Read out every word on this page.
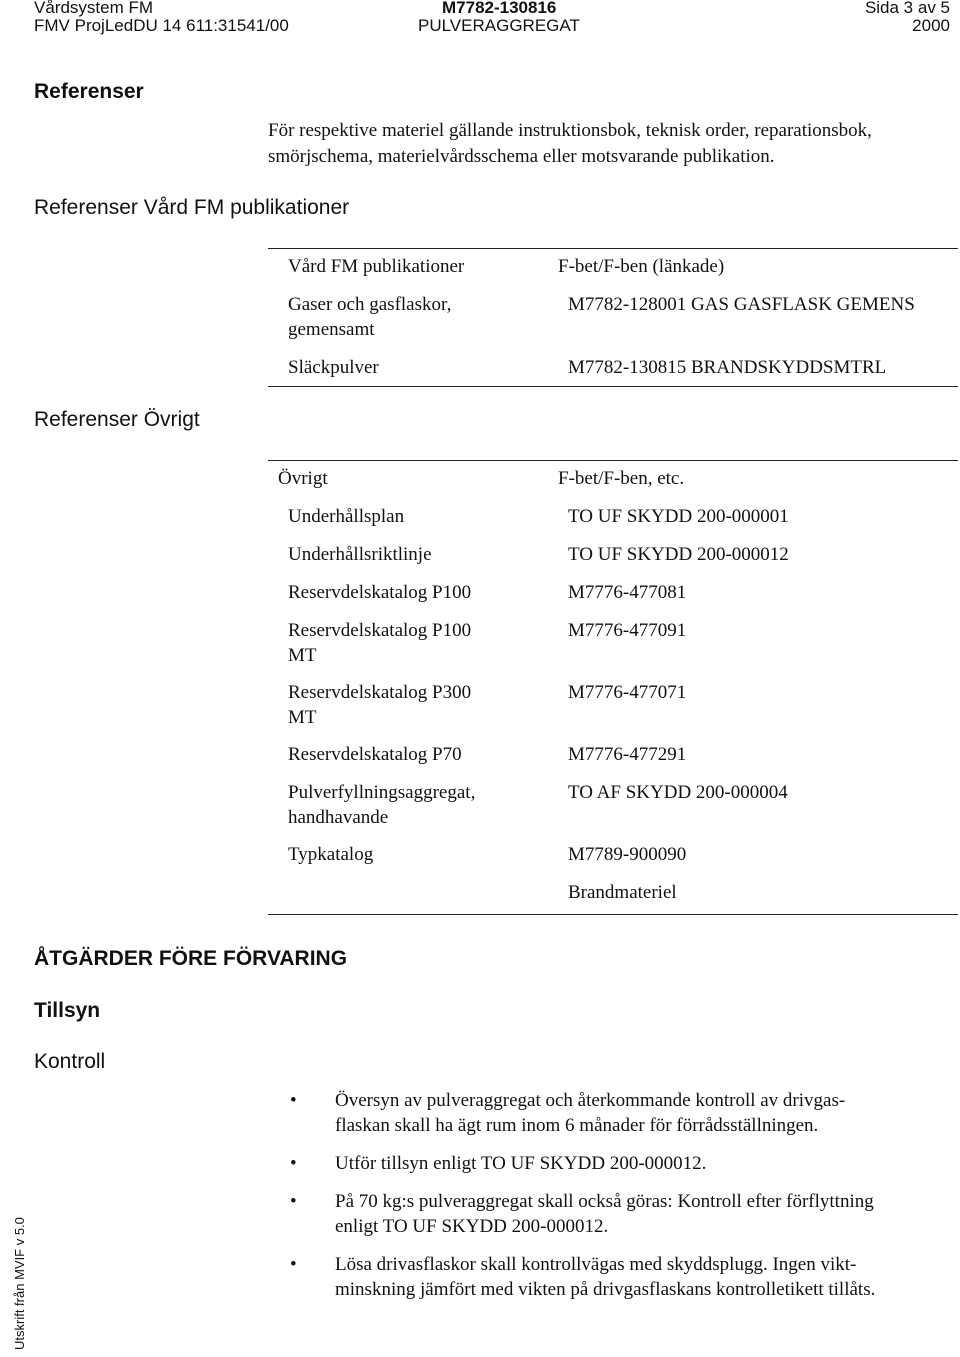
Vårdsystem FM
FMV ProjLedDU 14 611:31541/00
M7782-130816
PULVERAGGREGAT
Sida 3 av 5
2000
Referenser
För respektive materiel gällande instruktionsbok, teknisk order, reparationsbok,
smörjschema, materielvårdsschema eller motsvarande publikation.
Referenser Vård FM publikationer
Vård FM publikationer	F-bet/F-ben (länkade)

Gaser och gasflaskor,
gemensamt	M7782-128001 GAS GASFLASK GEMENS

Släckpulver	M7782-130815 BRANDSKYDDSMTRL
Referenser Övrigt
Övrigt	F-bet/F-ben, etc.

Underhållsplan	TO UF SKYDD 200-000001

Underhållsriktlinje	TO UF SKYDD 200-000012

Reservdelskatalog P100	M7776-477081

Reservdelskatalog P100
MT	M7776-477091

Reservdelskatalog P300
MT	M7776-477071

Reservdelskatalog P70	M7776-477291

Pulverfyllningsaggregat,
handhavande	TO AF SKYDD 200-000004

Typkatalog	M7789-900090
	Brandmateriel
ÅTGÄRDER FÖRE FÖRVARING
Tillsyn
Kontroll
• Översyn av pulveraggregat och återkommande kontroll av drivgas-
flaskan skall ha ägt rum inom 6 månader för förrådsställningen.
• Utför tillsyn enligt TO UF SKYDD 200-000012.
• På 70 kg:s pulveraggregat skall också göras: Kontroll efter förflyttning
enligt TO UF SKYDD 200-000012.
• Lösa drivasflaskor skall kontrollvägas med skyddsplugg. Ingen vikt-
minskning jämfört med vikten på drivgasflaskans kontrolletikett tillåts.
Utskrift från MVIF v 5.0
